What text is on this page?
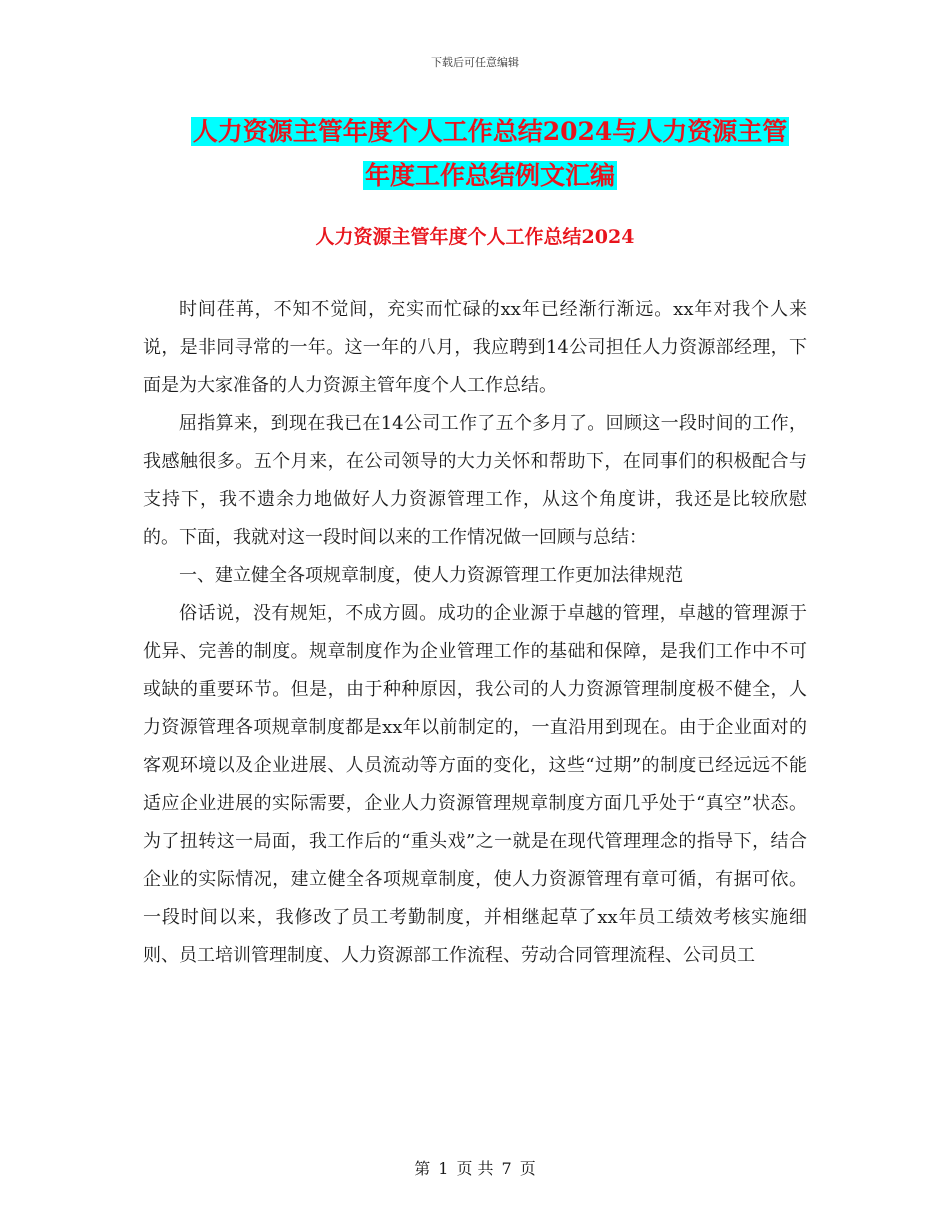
下载后可任意编辑
人力资源主管年度个人工作总结2024与人力资源主管
年度工作总结例文汇编
人力资源主管年度个人工作总结2024

时间荏苒，不知不觉间，充实而忙碌的xx年已经渐行渐远。xx年对我个人来说，是非同寻常的一年。这一年的八月，我应聘到14公司担任人力资源部经理，下面是为大家准备的人力资源主管年度个人工作总结。

屈指算来，到现在我已在14公司工作了五个多月了。回顾这一段时间的工作，我感触很多。五个月来，在公司领导的大力关怀和帮助下，在同事们的积极配合与支持下，我不遗余力地做好人力资源管理工作，从这个角度讲，我还是比较欣慰的。下面，我就对这一段时间以来的工作情况做一回顾与总结：

一、建立健全各项规章制度，使人力资源管理工作更加法律规范

俗话说，没有规矩，不成方圆。成功的企业源于卓越的管理，卓越的管理源于优异、完善的制度。规章制度作为企业管理工作的基础和保障，是我们工作中不可或缺的重要环节。但是，由于种种原因，我公司的人力资源管理制度极不健全，人力资源管理各项规章制度都是xx年以前制定的，一直沿用到现在。由于企业面对的客观环境以及企业进展、人员流动等方面的变化，这些“过期”的制度已经远远不能适应企业进展的实际需要，企业人力资源管理规章制度方面几乎处于“真空”状态。为了扭转这一局面，我工作后的“重头戏”之一就是在现代管理理念的指导下，结合企业的实际情况，建立健全各项规章制度，使人力资源管理有章可循，有据可依。一段时间以来，我修改了员工考勤制度，并相继起草了xx年员工绩效考核实施细则、员工培训管理制度、人力资源部工作流程、劳动合同管理流程、公司员工

第 1 页 共 7 页
